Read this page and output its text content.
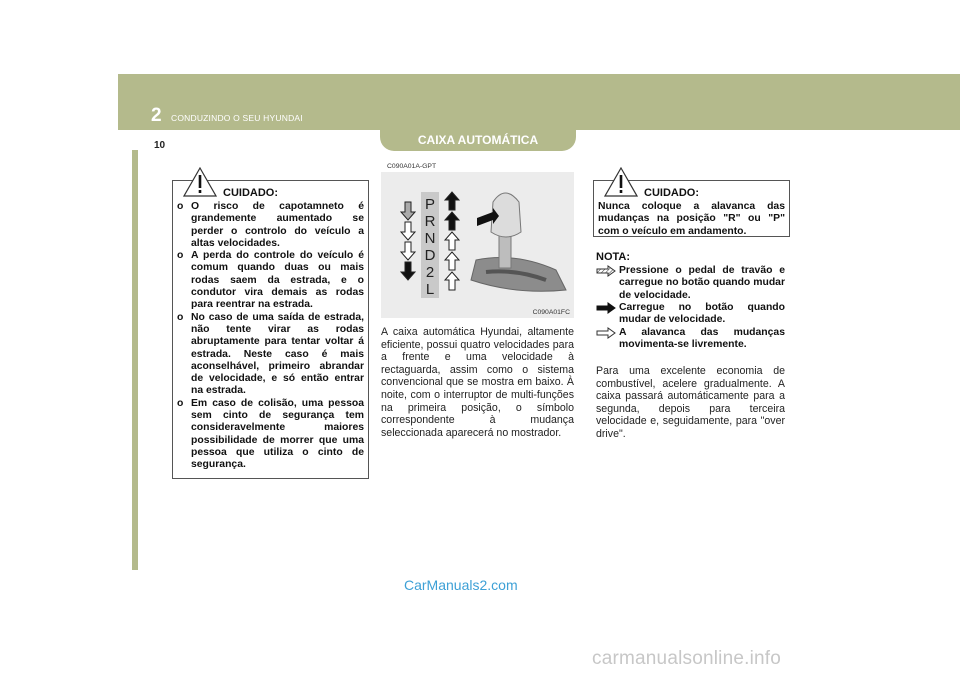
2 CONDUZINDO O SEU HYUNDAI
10	CAIXA AUTOMÁTICA
CUIDADO:
o O risco de capotamneto é grandemente aumentado se perder o controlo do veículo a altas velocidades.
o A perda do controle do veículo é comum quando duas ou mais rodas saem da estrada, e o condutor vira demais as rodas para reentrar na estrada.
o No caso de uma saída de estrada, não tente virar as rodas abruptamente para tentar voltar á estrada. Neste caso é mais aconselhável, primeiro abrandar de velocidade, e só então entrar na estrada.
o Em caso de colisão, uma pessoa sem cinto de segurança tem consideravelmente maiores possibilidade de morrer que uma pessoa que utiliza o cinto de segurança.
C090A01A-GPT
P
R
N
D
2
L
C090A01FC
A caixa automática Hyundai, altamente eficiente, possui quatro velocidades para a frente e uma velocidade à rectaguarda, assim como o sistema convencional que se mostra em baixo. À noite, com o interruptor de multi-funções na primeira posição, o símbolo correspondente à mudança seleccionada aparecerá no mostrador.
CUIDADO:
Nunca coloque a alavanca das mudanças na posição "R" ou "P" com o veículo em andamento.
NOTA:
Pressione o pedal de travão e carregue no botão quando mudar de velocidade.
Carregue no botão quando mudar de velocidade.
A alavanca das mudanças movimenta-se livremente.
Para uma excelente economia de combustível, acelere gradualmente. A caixa passará automáticamente para a segunda, depois para terceira velocidade e, seguidamente, para "over drive".
CarManuals2.com
carmanualsonline.info
